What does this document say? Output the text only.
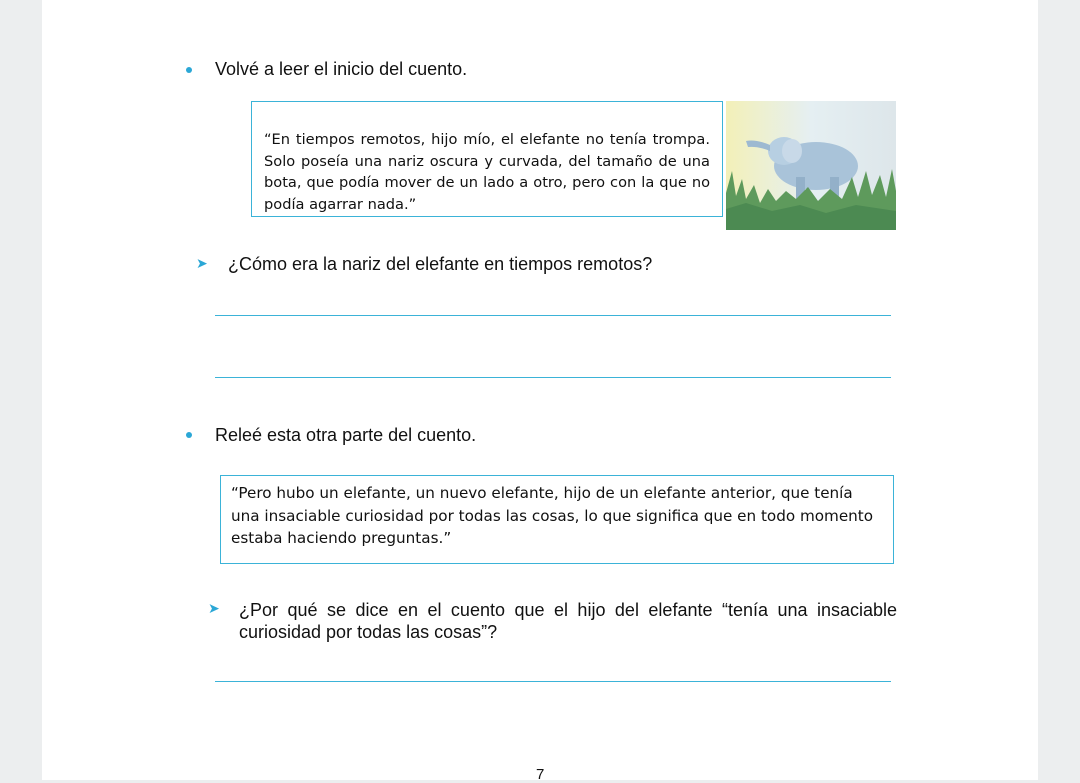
Volvé a leer el inicio del cuento.
“En tiempos remotos, hijo mío, el elefante no tenía trompa. Solo poseía una nariz oscura y curvada, del tamaño de una bota, que podía mover de un lado a otro, pero con la que no podía agarrar nada.”
➤ ¿Cómo era la nariz del elefante en tiempos remotos?
Releé esta otra parte del cuento.
“Pero hubo un elefante, un nuevo elefante, hijo de un elefante anterior, que tenía una insaciable curiosidad por todas las cosas, lo que significa que en todo momento estaba haciendo preguntas.”
➤ ¿Por qué se dice en el cuento que el hijo del elefante “tenía una insaciable curiosidad por todas las cosas”?
7
